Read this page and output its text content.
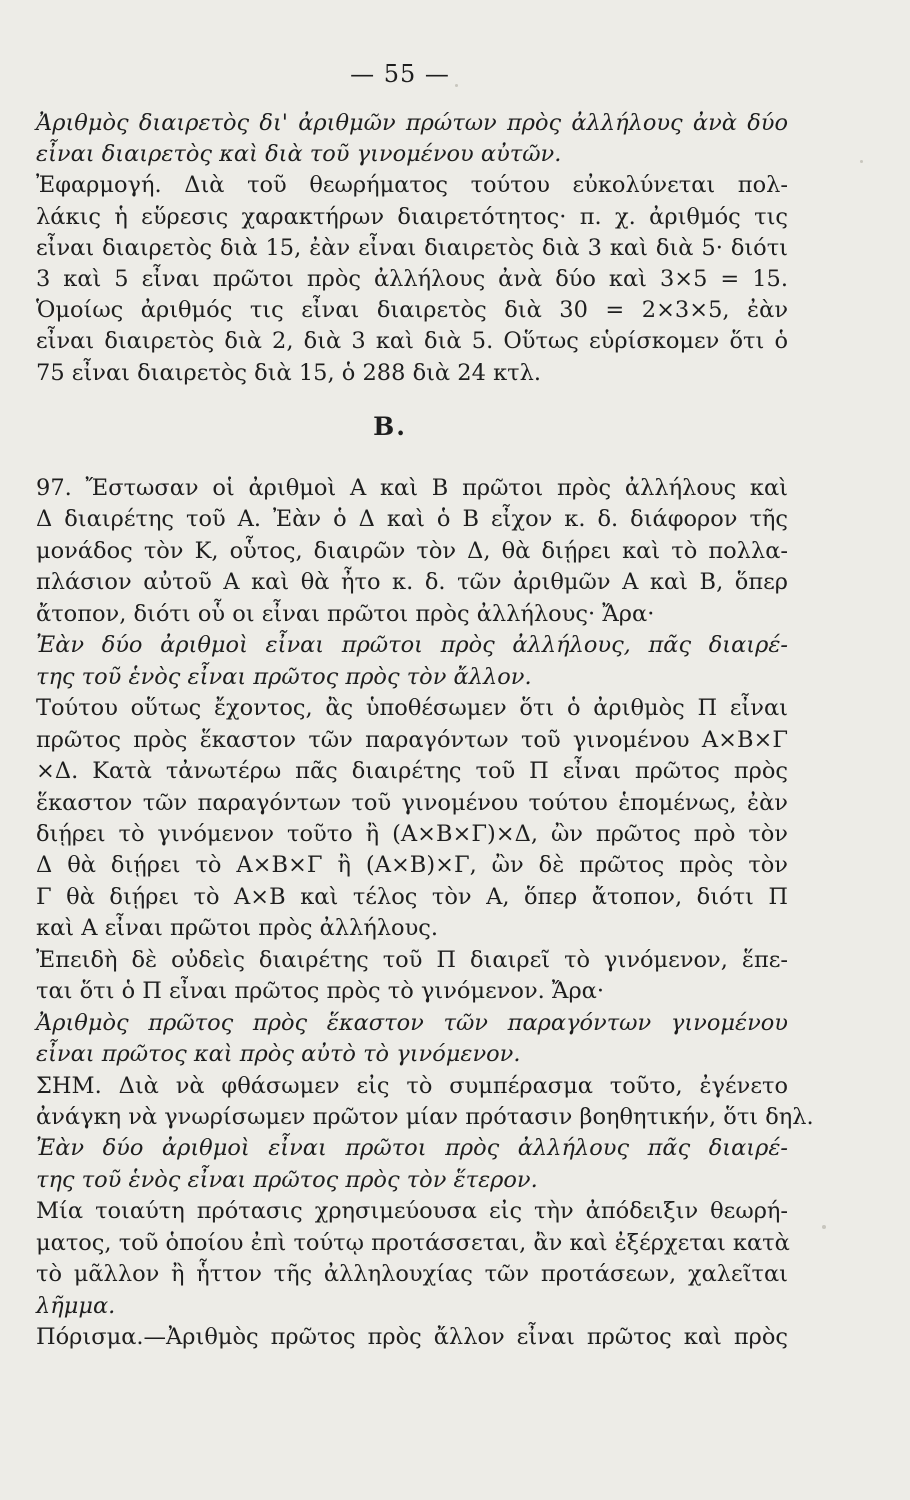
— 55 —
Β.
Ἀριθμὸς διαιρετὸς δι' ἀριθμῶν πρώτων πρὸς ἀλλήλους ἀνὰ δύο
εἶναι διαιρετὸς καὶ διὰ τοῦ γινομένου αὐτῶν.
Ἐφαρμογή. Διὰ τοῦ θεωρήματος τούτου εὐκολύνεται πολ-
λάκις ἡ εὕρεσις χαρακτήρων διαιρετότητος· π. χ. ἀριθμός τις
εἶναι διαιρετὸς διὰ 15, ἐὰν εἶναι διαιρετὸς διὰ 3 καὶ διὰ 5· διότι
3 καὶ 5 εἶναι πρῶτοι πρὸς ἀλλήλους ἀνὰ δύο καὶ 3×5 = 15.
Ὁμοίως ἀριθμός τις εἶναι διαιρετὸς διὰ 30 = 2×3×5, ἐὰν
εἶναι διαιρετὸς διὰ 2, διὰ 3 καὶ διὰ 5. Οὕτως εὑρίσκομεν ὅτι ὁ
75 εἶναι διαιρετὸς διὰ 15, ὁ 288 διὰ 24 κτλ.
97. Ἔστωσαν οἱ ἀριθμοὶ Α καὶ Β πρῶτοι πρὸς ἀλλήλους καὶ
Δ διαιρέτης τοῦ Α. Ἐὰν ὁ Δ καὶ ὁ Β εἶχον κ. δ. διάφορον τῆς
μονάδος τὸν Κ, οὗτος, διαιρῶν τὸν Δ, θὰ διῄρει καὶ τὸ πολλα-
πλάσιον αὐτοῦ Α καὶ θὰ ἦτο κ. δ. τῶν ἀριθμῶν Α καὶ Β, ὅπερ
ἄτοπον, διότι οὗ οι εἶναι πρῶτοι πρὸς ἀλλήλους· Ἄρα·
Ἐὰν δύο ἀριθμοὶ εἶναι πρῶτοι πρὸς ἀλλήλους, πᾶς διαιρέ-
της τοῦ ἑνὸς εἶναι πρῶτος πρὸς τὸν ἄλλον.
Τούτου οὕτως ἔχοντος, ἂς ὑποθέσωμεν ὅτι ὁ ἀριθμὸς Π εἶναι
πρῶτος πρὸς ἕκαστον τῶν παραγόντων τοῦ γινομένου Α×Β×Γ
×Δ. Κατὰ τἀνωτέρω πᾶς διαιρέτης τοῦ Π εἶναι πρῶτος πρὸς
ἕκαστον τῶν παραγόντων τοῦ γινομένου τούτου ἑπομένως, ἐὰν
διῄρει τὸ γινόμενον τοῦτο ἢ (Α×Β×Γ)×Δ, ὢν πρῶτος πρὸ τὸν
Δ θὰ διῄρει τὸ Α×Β×Γ ἢ (Α×Β)×Γ, ὢν δὲ πρῶτος πρὸς τὸν
Γ θὰ διῄρει τὸ Α×Β καὶ τέλος τὸν Α, ὅπερ ἄτοπον, διότι Π
καὶ Α εἶναι πρῶτοι πρὸς ἀλλήλους.
Ἐπειδὴ δὲ οὐδεὶς διαιρέτης τοῦ Π διαιρεῖ τὸ γινόμενον, ἕπε-
ται ὅτι ὁ Π εἶναι πρῶτος πρὸς τὸ γινόμενον. Ἄρα·
Ἀριθμὸς πρῶτος πρὸς ἕκαστον τῶν παραγόντων γινομένου
εἶναι πρῶτος καὶ πρὸς αὐτὸ τὸ γινόμενον.
ΣΗΜ. Διὰ νὰ φθάσωμεν εἰς τὸ συμπέρασμα τοῦτο, ἐγένετο
ἀνάγκη νὰ γνωρίσωμεν πρῶτον μίαν πρότασιν βοηθητικήν, ὅτι δηλ.
Ἐὰν δύο ἀριθμοὶ εἶναι πρῶτοι πρὸς ἀλλήλους πᾶς διαιρέ-
της τοῦ ἑνὸς εἶναι πρῶτος πρὸς τὸν ἕτερον.
Μία τοιαύτη πρότασις χρησιμεύουσα εἰς τὴν ἀπόδειξιν θεωρή-
ματος, τοῦ ὁποίου ἐπὶ τούτῳ προτάσσεται, ἂν καὶ ἐξέρχεται κατὰ
τὸ μᾶλλον ἢ ἧττον τῆς ἀλληλουχίας τῶν προτάσεων, χαλεῖται
λῆμμα.
Πόρισμα.—Ἀριθμὸς πρῶτος πρὸς ἄλλον εἶναι πρῶτος καὶ πρὸς
